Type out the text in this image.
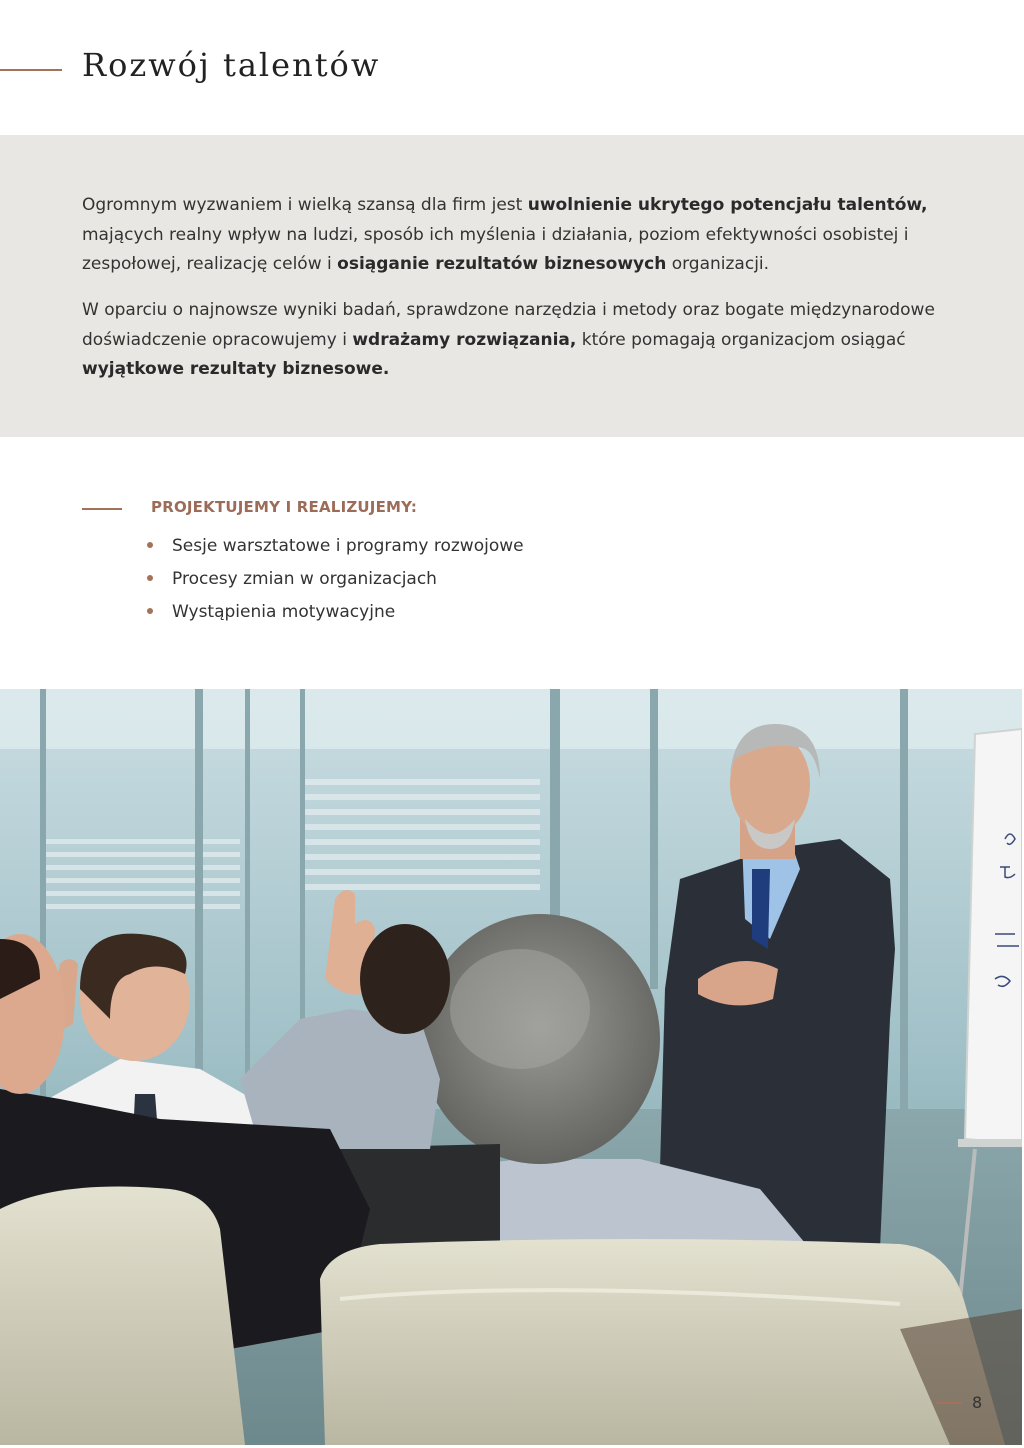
Rozwój talentów

Ogromnym wyzwaniem i wielką szansą dla firm jest uwolnienie ukrytego potencjału talentów, mających realny wpływ na ludzi, sposób ich myślenia i działania, poziom efektywności osobistej i zespołowej, realizację celów i osiąganie rezultatów biznesowych organizacji.

W oparciu o najnowsze wyniki badań, sprawdzone narzędzia i metody oraz bogate międzynarodowe doświadczenie opracowujemy i wdrażamy rozwiązania, które pomagają organizacjom osiągać wyjątkowe rezultaty biznesowe.

PROJEKTUJEMY I REALIZUJEMY:
Sesje warsztatowe i programy rozwojowe
Procesy zmian w organizacjach
Wystąpienia motywacyjne
8
